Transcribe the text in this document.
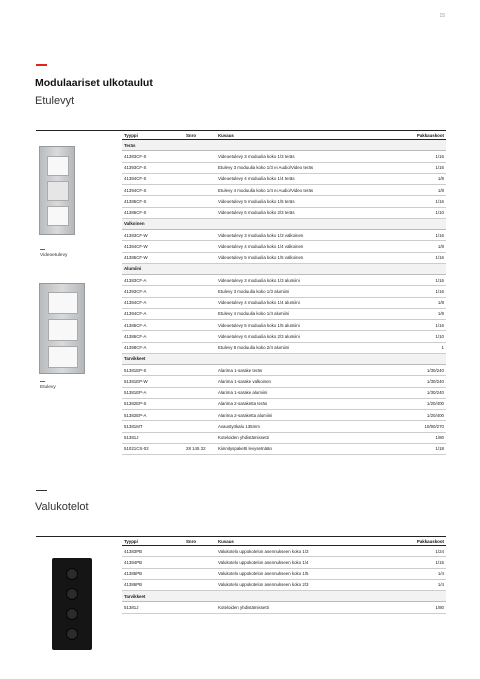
15
Modulaariset ulkotaulut
Etulevyt
Tyyppi	Snro	Kuvaus	Pakkauskoot
Teräs
41383CF-S	Videoetulevy 3 moduulia koko 1/3 teräs	1/16
41393CF-S	Etulevy 3 moduulia koko 1/3 ei Audio/Video teräs	1/16
41384CF-S	Videoetulevy 4 moduulia koko 1/4 teräs	1/8
41394CF-S	Etulevy 4 moduulia koko 1/4 ei Audio/Video teräs	1/8
41385CF-S	Videoetulevy 5 moduulia koko 1/5 teräs	1/16
41386CF-S	Videoetulevy 6 moduulia koko 2/3 teräs	1/10
Valkoinen
41383CF-W	Videoetulevy 3 moduulia koko 1/3 valkoinen	1/16
41384CF-W	Videoetulevy 4 moduulia koko 1/4 valkoinen	1/8
41385CF-W	Videoetulevy 5 moduulia koko 1/5 valkoinen	1/16
Alumiini
41383CF-A	Videoetulevy 3 moduulia koko 1/3 alumiini	1/16
41393CF-A	Etulevy 3 moduulia koko 1/3 alumiini	1/16
41384CF-A	Videoetulevy 4 moduulia koko 1/4 alumiini	1/8
41394CF-A	Etulevy 4 moduulia koko 1/4 alumiini	1/8
41385CF-A	Videoetulevy 5 moduulia koko 1/5 alumiini	1/16
41386CF-A	Videoetulevy 6 moduulia koko 2/3 alumiini	1/10
41398CF-A	Etulevy 8 moduulia koko 2/4 alumiini	1
Tarvikkeet
51381EP-S	Alarima 1-sarake teräs	1/30/240
51381EP-W	Alarima 1-sarake valkoinen	1/30/240
51381EP-A	Alarima 1-sarake alumiini	1/30/240
51382EP-S	Alarima 2-saraketta teräs	1/20/400
51382EP-A	Alarima 2-saraketta alumiini	1/20/400
51381MT	Avaustyökalu 135mm	10/90/270
51381J	Koteloiden yhdistämissetti	1/80
51021CS-02	28 145 32	Kiinnityspaketti levysetnään	1/18
Videoetulevy
Etulevy
Valukotelot
Tyyppi	Snro	Kuvaus	Pakkauskoot
41383PB	Valukotelo uppokotelon asennukseen koko 1/3	1/24
41384PB	Valukotelo uppokotelon asennukseen koko 1/4	1/15
41385PB	Valukotelo uppokotelon asennukseen koko 1/5	1/4
41386PB	Valukotelo uppokotelon asennukseen koko 2/3	1/4
Tarvikkeet
51381J	Koteloiden yhdistämissetti	1/80
